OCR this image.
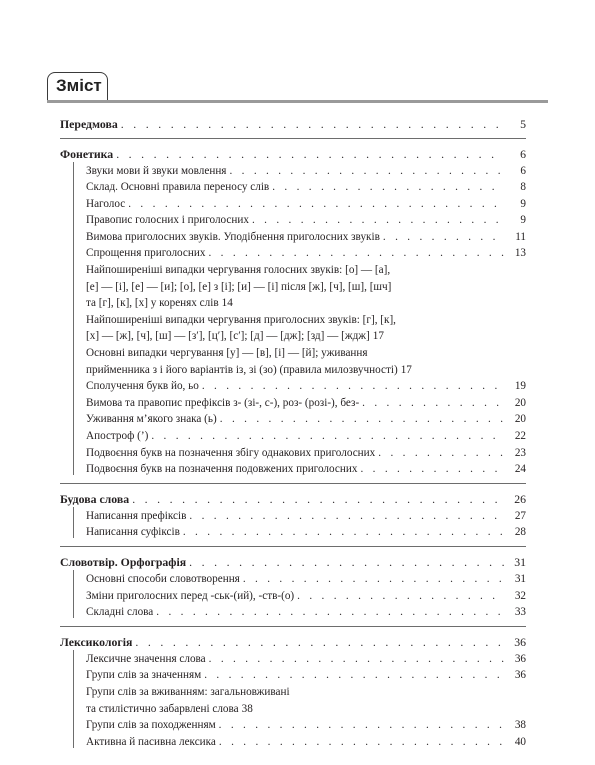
Зміст
Передмова . . .	5
Фонетика . . .	6
Звуки мови й звуки мовлення . . .	6
Склад. Основні правила переносу слів . . .	8
Наголос . . .	9
Правопис голосних і приголосних . . .	9
Вимова приголосних звуків. Уподібнення приголосних звуків . . .	11
Спрощення приголосних . . .	13
Найпоширеніші випадки чергування голосних звуків: [о] — [а],
[е] — [і], [е] — [и]; [о], [е] з [і]; [и] — [і] після [ж], [ч], [ш], [шч]
та [г], [к], [х] у коренях слів 14
Найпоширеніші випадки чергування приголосних звуків: [г], [к],
[х] — [ж], [ч], [ш] — [з′], [ц′], [с′]; [д] — [дж]; [зд] — [ждж] 17
Основні випадки чергування [у] — [в], [і] — [й]; уживання
прийменника з і його варіантів із, зі (зо) (правила милозвучності) 17
Сполучення букв йо, ьо . . .	19
Вимова та правопис префіксів з- (зі-, с-), роз- (розі-), без- . . .	20
Уживання м’якого знака (ь) . . .	20
Апостроф (’) . . .	22
Подвоєння букв на позначення збігу однакових приголосних . . .	23
Подвоєння букв на позначення подовжених приголосних . . .	24
Будова слова . . .	26
Написання префіксів . . .	27
Написання суфіксів . . .	28
Словотвір. Орфографія . . .	31
Основні способи словотворення . . .	31
Зміни приголосних перед -ськ-(ий), -ств-(о) . . .	32
Складні слова . . .	33
Лексикологія . . .	36
Лексичне значення слова . . .	36
Групи слів за значенням . . .	36
Групи слів за вживанням: загальновживані
та стилістично забарвлені слова 38
Групи слів за походженням . . .	38
Активна й пасивна лексика . . .	40
